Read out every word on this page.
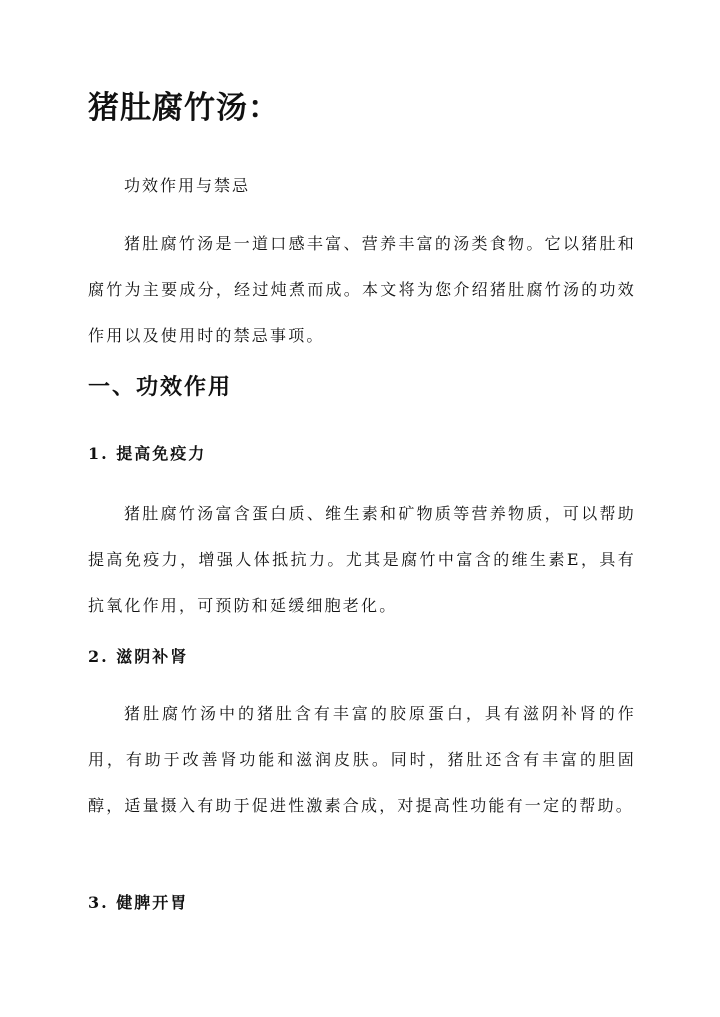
猪肚腐竹汤：

功效作用与禁忌

猪肚腐竹汤是一道口感丰富、营养丰富的汤类食物。它以猪肚和腐竹为主要成分，经过炖煮而成。本文将为您介绍猪肚腐竹汤的功效作用以及使用时的禁忌事项。

一、功效作用
1. 提高免疫力

猪肚腐竹汤富含蛋白质、维生素和矿物质等营养物质，可以帮助提高免疫力，增强人体抵抗力。尤其是腐竹中富含的维生素E，具有抗氧化作用，可预防和延缓细胞老化。

2. 滋阴补肾

猪肚腐竹汤中的猪肚含有丰富的胶原蛋白，具有滋阴补肾的作用，有助于改善肾功能和滋润皮肤。同时，猪肚还含有丰富的胆固醇，适量摄入有助于促进性激素合成，对提高性功能有一定的帮助。

3. 健脾开胃
